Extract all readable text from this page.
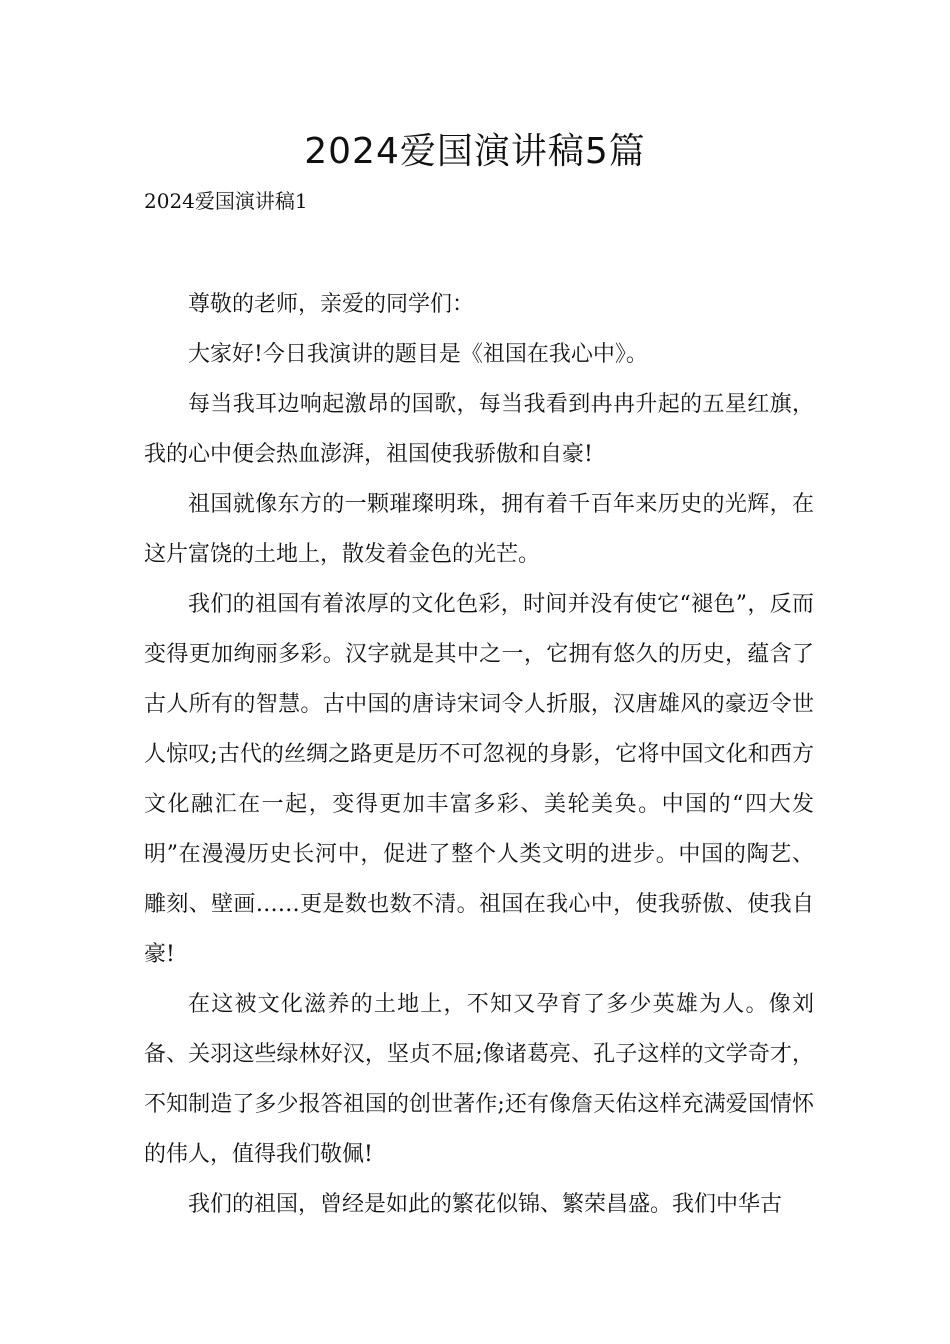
2024爱国演讲稿5篇
2024爱国演讲稿1

尊敬的老师，亲爱的同学们：

大家好!今日我演讲的题目是《祖国在我心中》。

每当我耳边响起激昂的国歌，每当我看到冉冉升起的五星红旗，我的心中便会热血澎湃，祖国使我骄傲和自豪!

祖国就像东方的一颗璀璨明珠，拥有着千百年来历史的光辉，在这片富饶的土地上，散发着金色的光芒。

我们的祖国有着浓厚的文化色彩，时间并没有使它“褪色”，反而变得更加绚丽多彩。汉字就是其中之一，它拥有悠久的历史，蕴含了古人所有的智慧。古中国的唐诗宋词令人折服，汉唐雄风的豪迈令世人惊叹;古代的丝绸之路更是历不可忽视的身影，它将中国文化和西方文化融汇在一起，变得更加丰富多彩、美轮美奂。中国的“四大发明”在漫漫历史长河中，促进了整个人类文明的进步。中国的陶艺、雕刻、壁画……更是数也数不清。祖国在我心中，使我骄傲、使我自豪!

在这被文化滋养的土地上，不知又孕育了多少英雄为人。像刘备、关羽这些绿林好汉，坚贞不屈;像诸葛亮、孔子这样的文学奇才，不知制造了多少报答祖国的创世著作;还有像詹天佑这样充满爱国情怀的伟人，值得我们敬佩!

我们的祖国，曾经是如此的繁花似锦、繁荣昌盛。我们中华古
